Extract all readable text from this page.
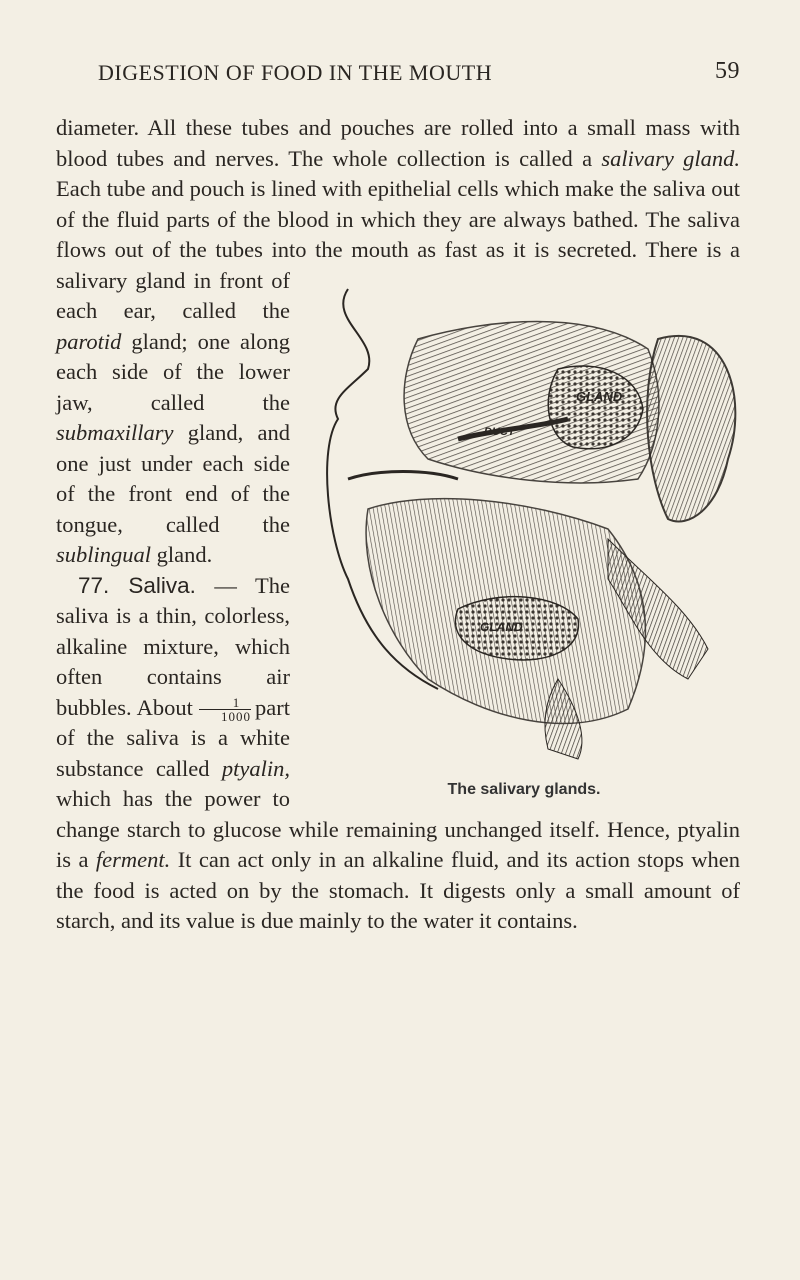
DIGESTION OF FOOD IN THE MOUTH	59
GLAND
DUCT
GLAND
The salivary glands.

diameter. All these tubes and pouches are rolled into a small mass with blood tubes and nerves. The whole collection is called a salivary gland. Each tube and pouch is lined with epithelial cells which make the saliva out of the fluid parts of the blood in which they are always bathed. The saliva flows out of the tubes into the mouth as fast as it is secreted. There is a salivary gland in front of each ear, called the parotid gland; one along each side of the lower jaw, called the submaxillary gland, and one just under each side of the front end of the tongue, called the sublingual gland.

77. Saliva. — The saliva is a thin, colorless, alkaline mixture, which often contains air bubbles. About $\frac{1}{1000}$ part of the saliva is a white substance called ptyalin, which has the power to change starch to glucose while remaining unchanged itself. Hence, ptyalin is a ferment. It can act only in an alkaline fluid, and its action stops when the food is acted on by the stomach. It digests only a small amount of starch, and its value is due mainly to the water it contains.
